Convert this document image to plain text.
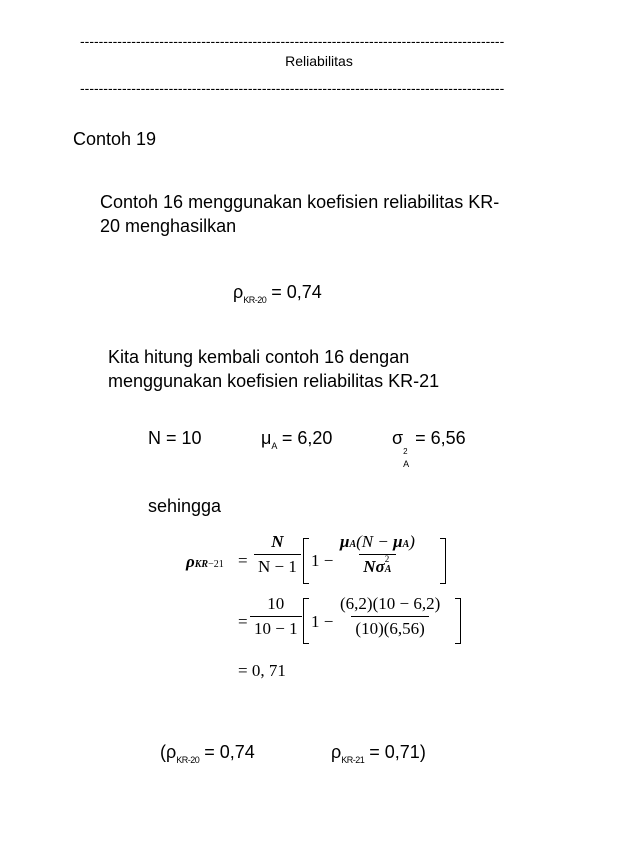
-------------------------------------------------------------------------------------------
Reliabilitas
-------------------------------------------------------------------------------------------
Contoh 19
Contoh 16 menggunakan koefisien reliabilitas KR-
20 menghasilkan
$\rho_{KR-20} = 0,74$
Kita hitung kembali contoh 16 dengan
menggunakan koefisien reliabilitas KR-21
N = 10	$\mu_A = 6,20$	σ
2
A
= 6,56
sehingga
$\rho KR-21 = \frac{N}{N - 1} 1 - \mu A(N - \mu A)$
Nσ 2
A
= $\frac{10}{10 - 1} 1 - \frac{(6,2)(10 - 6,2)}{(10)(6,56)}$
= 0, 71
($\rho_{KR-20} = 0,74$	$\rho_{KR-21} = 0,71$)
